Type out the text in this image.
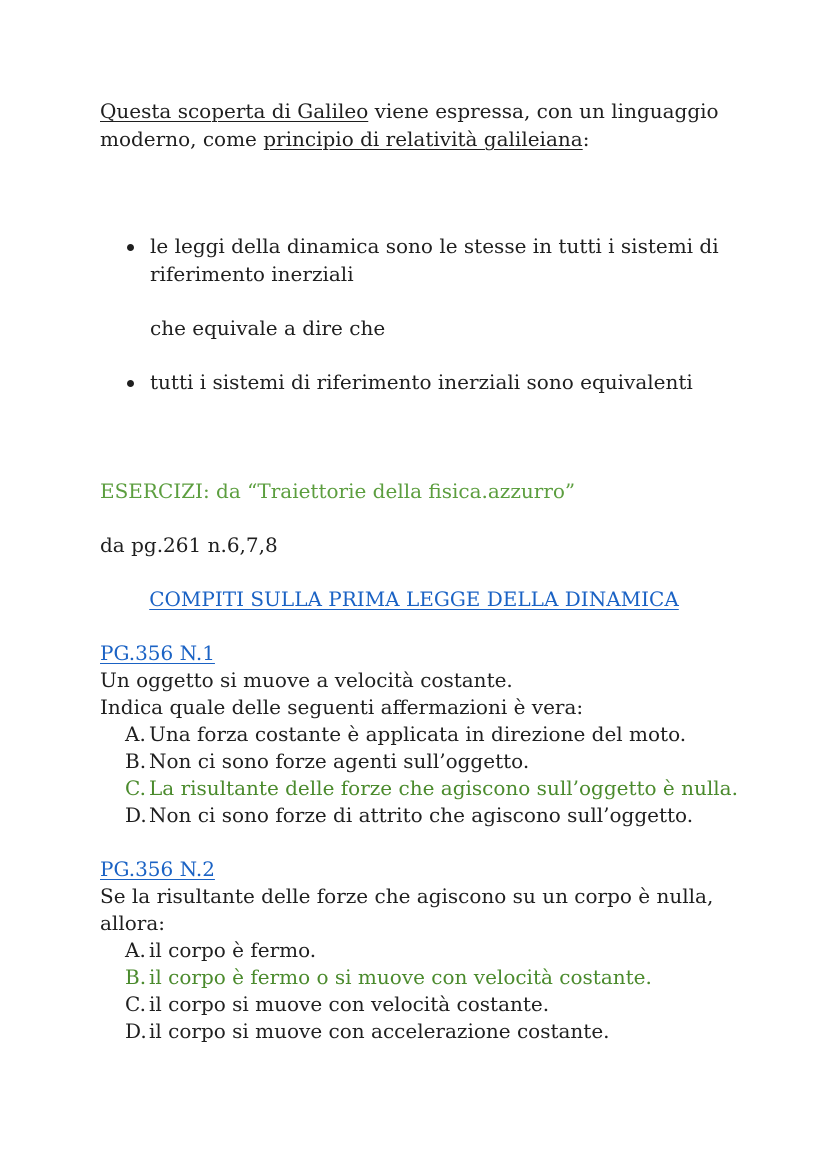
Questa scoperta di Galileo viene espressa, con un linguaggio
moderno, come principio di relatività galileiana:
le leggi della dinamica sono le stesse in tutti i sistemi di
riferimento inerziali
che equivale a dire che
tutti i sistemi di riferimento inerziali sono equivalenti
ESERCIZI: da “Traiettorie della fisica.azzurro”
da pg.261 n.6,7,8
COMPITI SULLA PRIMA LEGGE DELLA DINAMICA
PG.356 N.1
Un oggetto si muove a velocità costante.
Indica quale delle seguenti affermazioni è vera:
A. Una forza costante è applicata in direzione del moto.
B. Non ci sono forze agenti sull’oggetto.
C. La risultante delle forze che agiscono sull’oggetto è nulla.
D. Non ci sono forze di attrito che agiscono sull’oggetto.
PG.356 N.2
Se la risultante delle forze che agiscono su un corpo è nulla,
allora:
A. il corpo è fermo.
B. il corpo è fermo o si muove con velocità costante.
C. il corpo si muove con velocità costante.
D. il corpo si muove con accelerazione costante.
